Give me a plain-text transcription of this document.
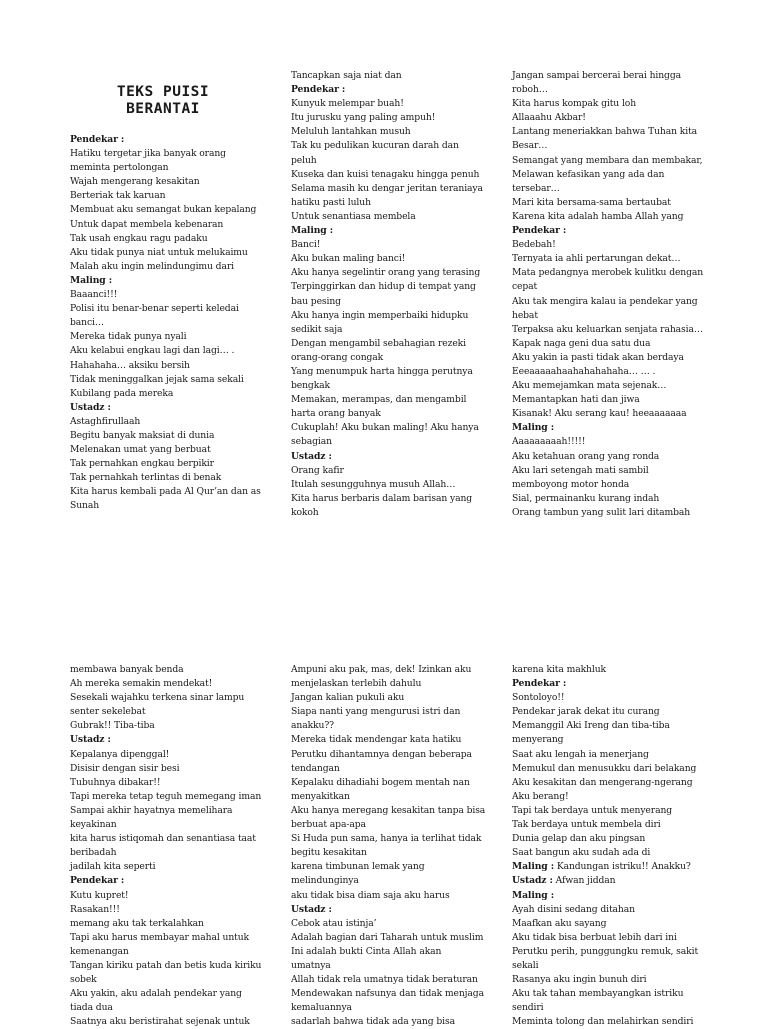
TEKS PUISI
BERANTAI
Pendekar :
Hatiku tergetar jika banyak orang
meminta pertolongan
Wajah mengerang kesakitan
Berteriak tak karuan
Membuat aku semangat bukan kepalang
Untuk dapat membela kebenaran
Tak usah engkau ragu padaku
Aku tidak punya niat untuk melukaimu
Malah aku ingin melindungimu dari
Maling :
Baaanci!!!
Polisi itu benar-benar seperti keledai
banci…
Mereka tidak punya nyali
Aku kelabui engkau lagi dan lagi… .
Hahahaha… aksiku bersih
Tidak meninggalkan jejak sama sekali
Kubilang pada mereka
Ustadz :
Astaghfirullaah
Begitu banyak maksiat di dunia
Melenakan umat yang berbuat
Tak pernahkan engkau berpikir
Tak pernahkah terlintas di benak
Kita harus kembali pada Al Qur’an dan as
Sunah
Tancapkan saja niat dan
Pendekar :
Kunyuk melempar buah!
Itu jurusku yang paling ampuh!
Meluluh lantahkan musuh
Tak ku pedulikan kucuran darah dan
peluh
Kuseka dan kuisi tenagaku hingga penuh
Selama masih ku dengar jeritan teraniaya
hatiku pasti luluh
Untuk senantiasa membela
Maling :
Banci!
Aku bukan maling banci!
Aku hanya segelintir orang yang terasing
Terpinggirkan dan hidup di tempat yang
bau pesing
Aku hanya ingin memperbaiki hidupku
sedikit saja
Dengan mengambil sebahagian rezeki
orang-orang congak
Yang menumpuk harta hingga perutnya
bengkak
Memakan, merampas, dan mengambil
harta orang banyak
Cukuplah! Aku bukan maling! Aku hanya
sebagian
Ustadz :
Orang kafir
Itulah sesungguhnya musuh Allah…
Kita harus berbaris dalam barisan yang
kokoh
Jangan sampai bercerai berai hingga
roboh…
Kita harus kompak gitu loh
Allaaahu Akbar!
Lantang meneriakkan bahwa Tuhan kita
Besar…
Semangat yang membara dan membakar,
Melawan kefasikan yang ada dan
tersebar…
Mari kita bersama-sama bertaubat
Karena kita adalah hamba Allah yang
Pendekar :
Bedebah!
Ternyata ia ahli pertarungan dekat…
Mata pedangnya merobek kulitku dengan
cepat
Aku tak mengira kalau ia pendekar yang
hebat
Terpaksa aku keluarkan senjata rahasia…
Kapak naga geni dua satu dua
Aku yakin ia pasti tidak akan berdaya
Eeeaaaaahaahahahahaha… … .
Aku memejamkan mata sejenak…
Memantapkan hati dan jiwa
Kisanak! Aku serang kau! heeaaaaaaa
Maling :
Aaaaaaaaah!!!!!
Aku ketahuan orang yang ronda
Aku lari setengah mati sambil
memboyong motor honda
Sial, permainanku kurang indah
Orang tambun yang sulit lari ditambah
membawa banyak benda
Ah mereka semakin mendekat!
Sesekali wajahku terkena sinar lampu
senter sekelebat
Gubrak!! Tiba-tiba
Ustadz :
Kepalanya dipenggal!
Disisir dengan sisir besi
Tubuhnya dibakar!!
Tapi mereka tetap teguh memegang iman
Sampai akhir hayatnya memelihara
keyakinan
kita harus istiqomah dan senantiasa taat
beribadah
jadilah kita seperti
Pendekar :
Kutu kupret!
Rasakan!!!
memang aku tak terkalahkan
Tapi aku harus membayar mahal untuk
kemenangan
Tangan kiriku patah dan betis kuda kiriku
sobek
Aku yakin, aku adalah pendekar yang
tiada dua
Saatnya aku beristirahat sejenak untuk
Ampuni aku pak, mas, dek! Izinkan aku
menjelaskan terlebih dahulu
Jangan kalian pukuli aku
Siapa nanti yang mengurusi istri dan
anakku??
Mereka tidak mendengar kata hatiku
Perutku dihantamnya dengan beberapa
tendangan
Kepalaku dihadiahi bogem mentah nan
menyakitkan
Aku hanya meregang kesakitan tanpa bisa
berbuat apa-apa
Si Huda pun sama, hanya ia terlihat tidak
begitu kesakitan
karena timbunan lemak yang
melindunginya
aku tidak bisa diam saja aku harus
Ustadz :
Cebok atau istinja’
Adalah bagian dari Taharah untuk muslim
Ini adalah bukti Cinta Allah akan
umatnya
Allah tidak rela umatnya tidak beraturan
Mendewakan nafsunya dan tidak menjaga
kemaluannya
sadarlah bahwa tidak ada yang bisa
karena kita makhluk
Pendekar :
Sontoloyo!!
Pendekar jarak dekat itu curang
Memanggil Aki Ireng dan tiba-tiba
menyerang
Saat aku lengah ia menerjang
Memukul dan menusukku dari belakang
Aku kesakitan dan mengerang-ngerang
Aku berang!
Tapi tak berdaya untuk menyerang
Tak berdaya untuk membela diri
Dunia gelap dan aku pingsan
Saat bangun aku sudah ada di
Maling : Kandungan istriku!! Anakku?
Ustadz : Afwan jiddan
Maling :
Ayah disini sedang ditahan
Maafkan aku sayang
Aku tidak bisa berbuat lebih dari ini
Perutku perih, punggungku remuk, sakit
sekali
Rasanya aku ingin bunuh diri
Aku tak tahan membayangkan istriku
sendiri
Meminta tolong dan melahirkan sendiri
